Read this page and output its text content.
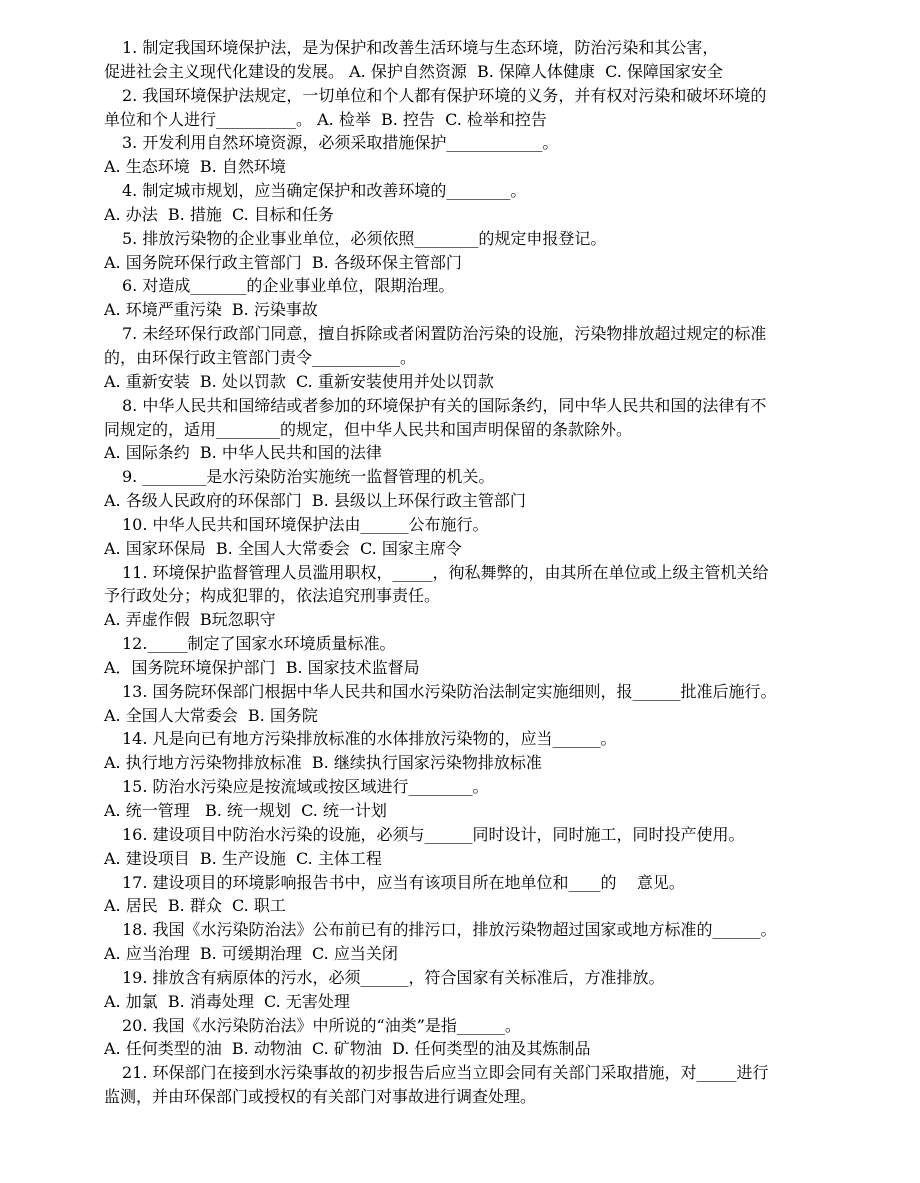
1. 制定我国环境保护法，是为保护和改善生活环境与生态环境，防治污染和其公害，
促进社会主义现代化建设的发展。 A. 保护自然资源  B. 保障人体健康  C. 保障国家安全
2. 我国环境保护法规定，一切单位和个人都有保护环境的义务，并有权对污染和破坏环境的
单位和个人进行__________。 A. 检举  B. 控告  C. 检举和控告
3. 开发利用自然环境资源，必须采取措施保护____________。
A. 生态环境  B. 自然环境
4. 制定城市规划，应当确定保护和改善环境的________。
A. 办法  B. 措施  C. 目标和任务
5. 排放污染物的企业事业单位，必须依照________的规定申报登记。
A. 国务院环保行政主管部门  B. 各级环保主管部门
6. 对造成_______的企业事业单位，限期治理。
A. 环境严重污染  B. 污染事故
7. 未经环保行政部门同意，擅自拆除或者闲置防治污染的设施，污染物排放超过规定的标准
的，由环保行政主管部门责令___________。
A. 重新安装  B. 处以罚款  C. 重新安装使用并处以罚款
8. 中华人民共和国缔结或者参加的环境保护有关的国际条约，同中华人民共和国的法律有不
同规定的，适用________的规定，但中华人民共和国声明保留的条款除外。
A. 国际条约  B. 中华人民共和国的法律
9. ________是水污染防治实施统一监督管理的机关。
A. 各级人民政府的环保部门  B. 县级以上环保行政主管部门
10. 中华人民共和国环境保护法由______公布施行。
A. 国家环保局  B. 全国人大常委会  C. 国家主席令
11. 环境保护监督管理人员滥用职权，_____，徇私舞弊的，由其所在单位或上级主管机关给
予行政处分；构成犯罪的，依法追究刑事责任。
A. 弄虚作假  B玩忽职守
12._____制定了国家水环境质量标准。
A．国务院环境保护部门  B. 国家技术监督局
13. 国务院环保部门根据中华人民共和国水污染防治法制定实施细则，报______批准后施行。
A. 全国人大常委会  B. 国务院
14. 凡是向已有地方污染排放标准的水体排放污染物的，应当______。
A. 执行地方污染物排放标准  B. 继续执行国家污染物排放标准
15. 防治水污染应是按流域或按区域进行________。
A. 统一管理   B. 统一规划  C. 统一计划
16. 建设项目中防治水污染的设施，必须与______同时设计，同时施工，同时投产使用。
A. 建设项目  B. 生产设施  C. 主体工程
17. 建设项目的环境影响报告书中，应当有该项目所在地单位和____的    意见。
A. 居民  B. 群众  C. 职工
18. 我国《水污染防治法》公布前已有的排污口，排放污染物超过国家或地方标准的______。
A. 应当治理  B. 可缓期治理  C. 应当关闭
19. 排放含有病原体的污水，必须______，符合国家有关标准后，方准排放。
A. 加氯  B. 消毒处理  C. 无害处理
20. 我国《水污染防治法》中所说的“油类”是指______。
A. 任何类型的油  B. 动物油  C. 矿物油  D. 任何类型的油及其炼制品
21. 环保部门在接到水污染事故的初步报告后应当立即会同有关部门采取措施，对_____进行
监测，并由环保部门或授权的有关部门对事故进行调查处理。
